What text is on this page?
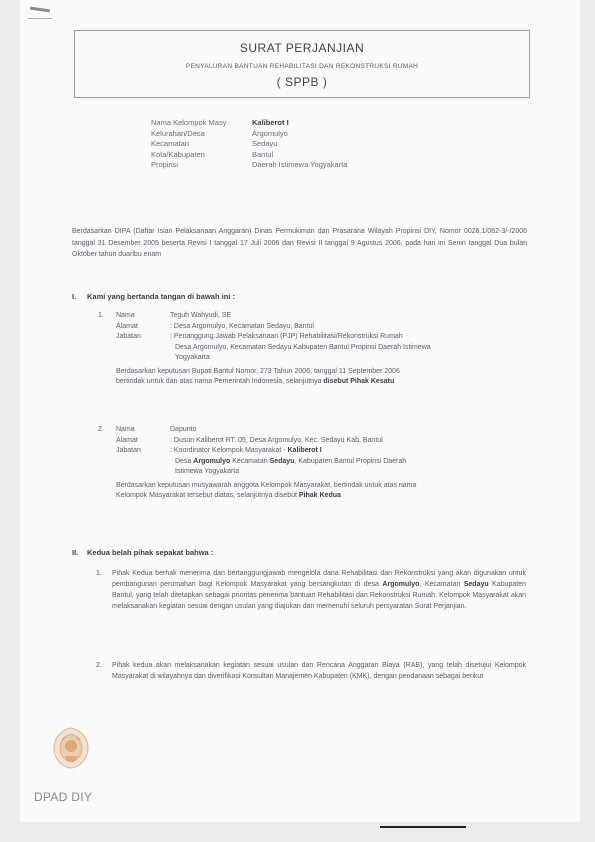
SURAT PERJANJIAN
PENYALURAN BANTUAN REHABILITASI DAN REKONSTRUKSI RUMAH
( SPPB )
Nama Kelompok Masy	Kaliberot I
Kelurahan/Desa	Argomulyo
Kecamatan	Sedayu
Kota/Kabupaten	Bantul
Propinsi	Daerah Istimewa Yogyakarta
Berdasarkan DIPA (Daftar Isian Pelaksanaan Anggaran) Dinas Permukiman dan Prasarana Wilayah Propinsi DIY, Nomor 0026.1/062-3/-/2006 tanggal 31 Desember 2005 beserta Revisi I tanggal 17 Juli 2006 dan Revisi II tanggal 9 Agustus 2006, pada hari ini Senin tanggal Dua bulan Oktober tahun duaribu enam
I. Kami yang bertanda tangan di bawah ini :
1.	Nama	Teguh Wahyudi, SE
Alamat	: Desa Argomulyo, Kecamatan Sedayu, Bantul
Jabatan	: Penanggung Jawab Pelaksanaan (PJP) Rehabilitasi/Rekonstruksi Rumah
Desa Argomulyo, Kecamatan Sedayu Kabupaten Bantul Propinsi Daerah Istimewa
Yogyakarta
Berdasarkan keputusan Bupati Bantul Nomor, 273 Tahun 2006, tanggal 11 September 2006
bertindak untuk dan atas nama Pemerintah Indonesia, selanjutnya disebut Pihak Kesatu
2.	Nama	Dapunto
Alamat	: Dusun Kaliberot RT. 05, Desa Argomulyo, Kec. Sedayu Kab. Bantul
Jabatan	: Koordinator Kelompok Masyarakat - Kaliberot I
Desa Argomulyo Kecamatan Sedayu, Kabupaten Bantul Propinsi Daerah
Istimewa Yogyakarta
Berdasarkan keputusan musyawarah anggota Kelompok Masyarakat, bertindak untuk atas nama
Kelompok Masyarakat tersebut diatas, selanjutnya disebut Pihak Kedua
II. Kedua belah pihak sepakat bahwa :
1.	Pihak Kedua berhak menerima dan bertanggungjawab mengelola dana Rehabilitasi dan Rekonstruksi yang akan digunakan untuk pembangunan perumahan bagi Kelompok Masyarakat yang bersangkutan di desa Argomulyo, Kecamatan Sedayu Kabupaten Bantul, yang telah ditetapkan sebagai prioritas penerima bantuan Rehabilitasi dan Rekonstruksi Rumah. Kelompok Masyarakat akan melaksanakan kegiatan sesuai dengan usulan yang diajukan dan memenuhi seluruh persyaratan Surat Perjanjian.
2.	Pihak kedua akan melaksanakan kegiatan sesuai usulan dan Rencana Anggaran Biaya (RAB), yang telah disetujui Kelompok Masyarakat di wilayahnya dan diverifikasi Konsultan Manajemen Kabupaten (KMK), dengan pendanaan sebagai berikut
DPAD DIY
